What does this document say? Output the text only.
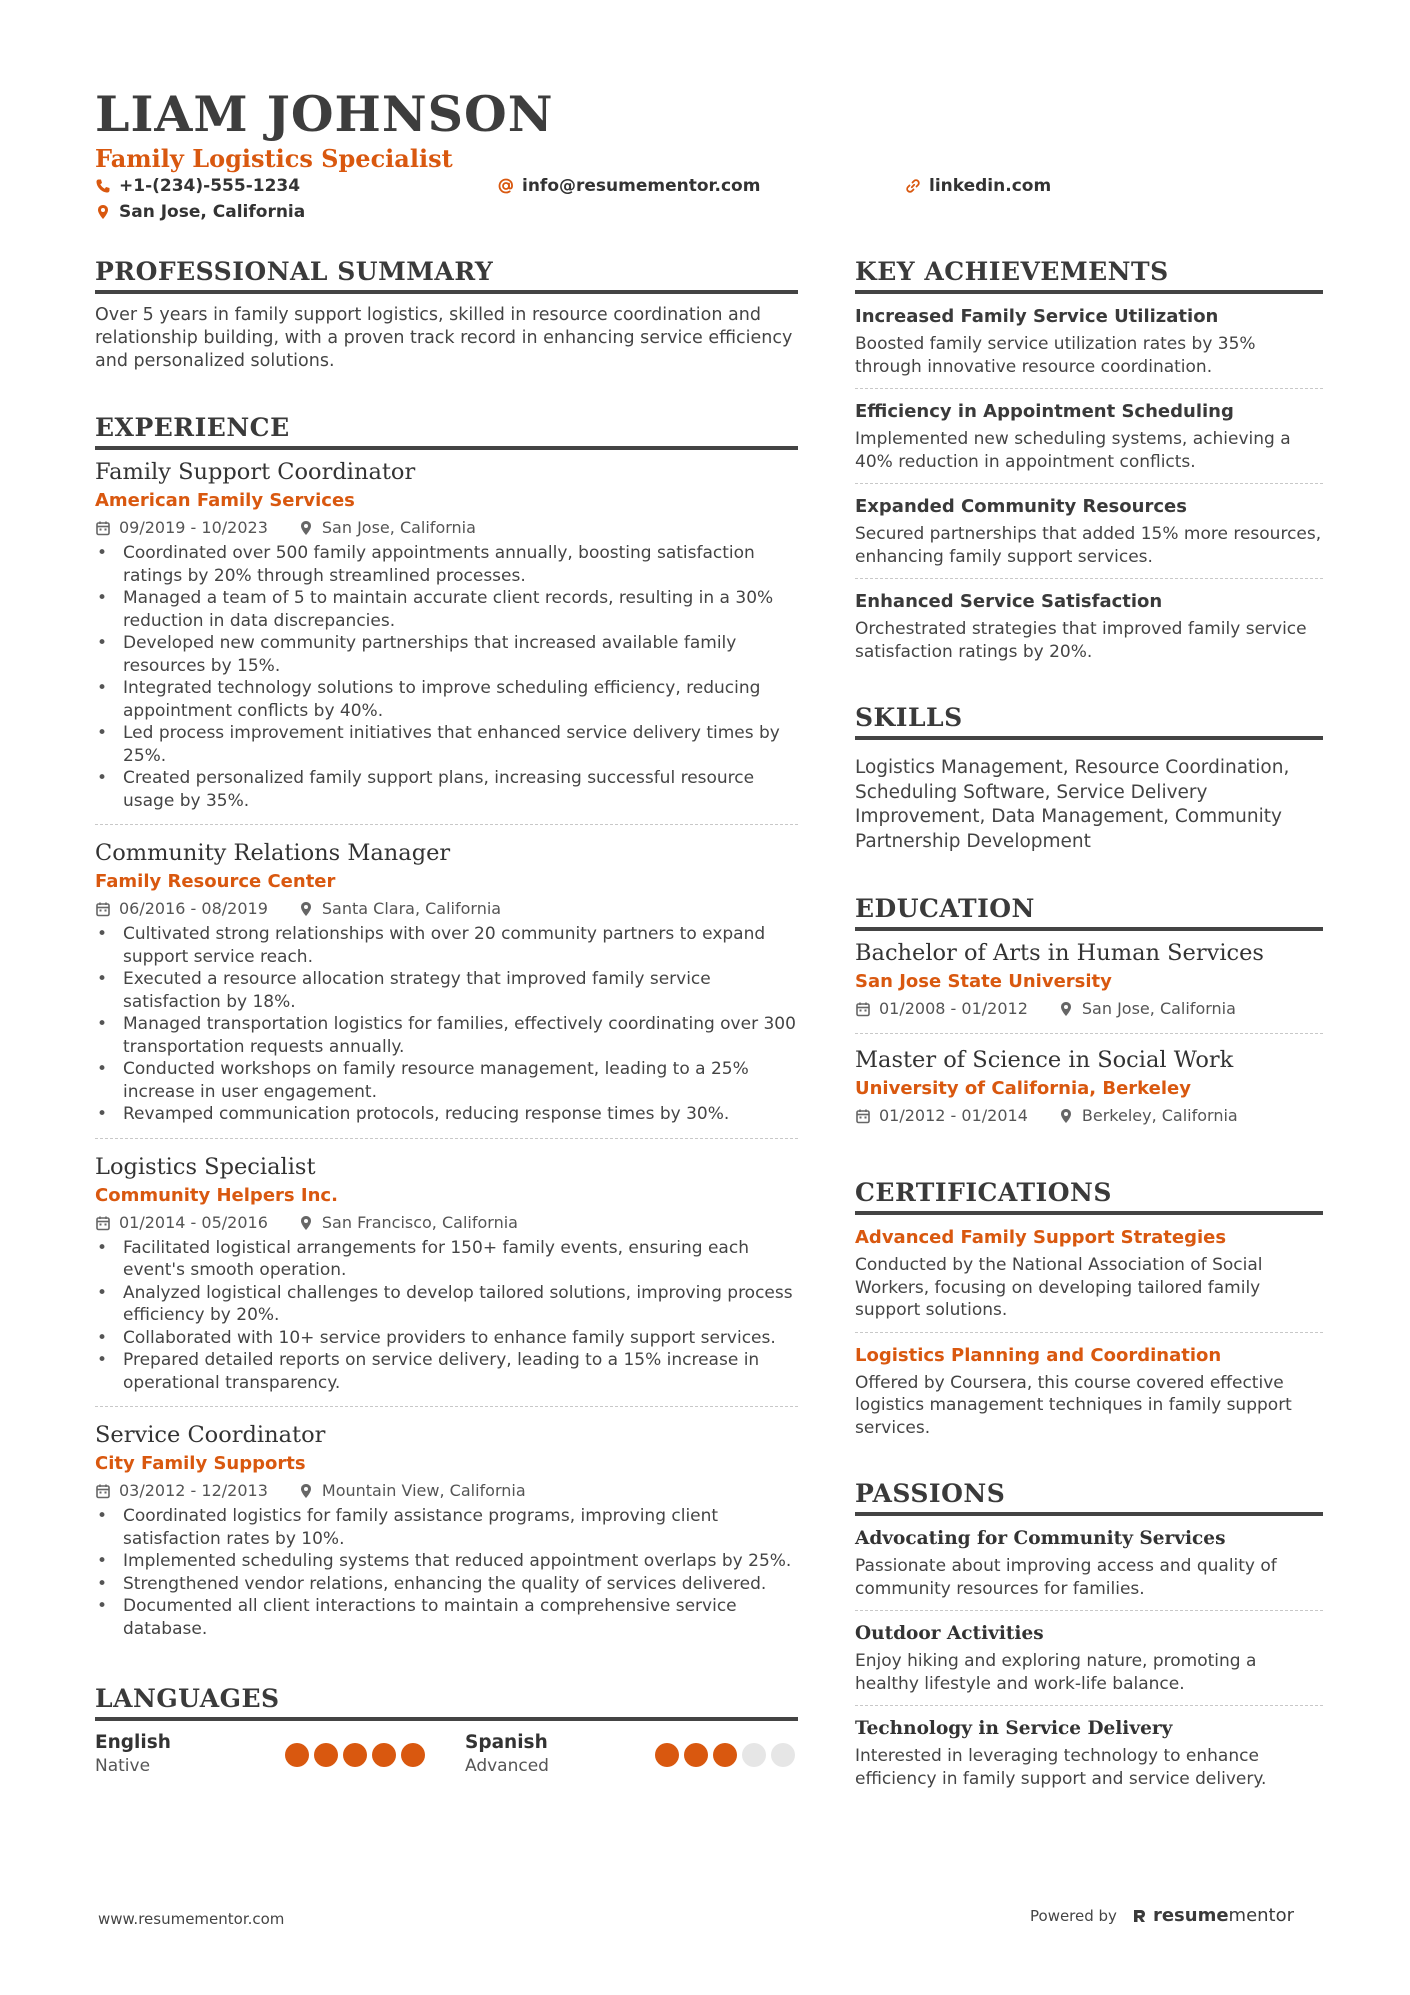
LIAM JOHNSON
Family Logistics Specialist
+1-(234)-555-1234	info@resumementor.com	linkedin.com
San Jose, California
PROFESSIONAL SUMMARY
Over 5 years in family support logistics, skilled in resource coordination and relationship building, with a proven track record in enhancing service efficiency and personalized solutions.
EXPERIENCE
Family Support Coordinator
American Family Services
09/2019 - 10/2023	San Jose, California
• Coordinated over 500 family appointments annually, boosting satisfaction ratings by 20% through streamlined processes.
• Managed a team of 5 to maintain accurate client records, resulting in a 30% reduction in data discrepancies.
• Developed new community partnerships that increased available family resources by 15%.
• Integrated technology solutions to improve scheduling efficiency, reducing appointment conflicts by 40%.
• Led process improvement initiatives that enhanced service delivery times by 25%.
• Created personalized family support plans, increasing successful resource usage by 35%.
Community Relations Manager
Family Resource Center
06/2016 - 08/2019	Santa Clara, California
• Cultivated strong relationships with over 20 community partners to expand support service reach.
• Executed a resource allocation strategy that improved family service satisfaction by 18%.
• Managed transportation logistics for families, effectively coordinating over 300 transportation requests annually.
• Conducted workshops on family resource management, leading to a 25% increase in user engagement.
• Revamped communication protocols, reducing response times by 30%.
Logistics Specialist
Community Helpers Inc.
01/2014 - 05/2016	San Francisco, California
• Facilitated logistical arrangements for 150+ family events, ensuring each event's smooth operation.
• Analyzed logistical challenges to develop tailored solutions, improving process efficiency by 20%.
• Collaborated with 10+ service providers to enhance family support services.
• Prepared detailed reports on service delivery, leading to a 15% increase in operational transparency.
Service Coordinator
City Family Supports
03/2012 - 12/2013	Mountain View, California
• Coordinated logistics for family assistance programs, improving client satisfaction rates by 10%.
• Implemented scheduling systems that reduced appointment overlaps by 25%.
• Strengthened vendor relations, enhancing the quality of services delivered.
• Documented all client interactions to maintain a comprehensive service database.
LANGUAGES
English
Native
Spanish
Advanced
KEY ACHIEVEMENTS
Increased Family Service Utilization
Boosted family service utilization rates by 35% through innovative resource coordination.
Efficiency in Appointment Scheduling
Implemented new scheduling systems, achieving a 40% reduction in appointment conflicts.
Expanded Community Resources
Secured partnerships that added 15% more resources, enhancing family support services.
Enhanced Service Satisfaction
Orchestrated strategies that improved family service satisfaction ratings by 20%.
SKILLS
Logistics Management, Resource Coordination, Scheduling Software, Service Delivery Improvement, Data Management, Community Partnership Development
EDUCATION
Bachelor of Arts in Human Services
San Jose State University
01/2008 - 01/2012	San Jose, California
Master of Science in Social Work
University of California, Berkeley
01/2012 - 01/2014	Berkeley, California
CERTIFICATIONS
Advanced Family Support Strategies
Conducted by the National Association of Social Workers, focusing on developing tailored family support solutions.
Logistics Planning and Coordination
Offered by Coursera, this course covered effective logistics management techniques in family support services.
PASSIONS
Advocating for Community Services
Passionate about improving access and quality of community resources for families.
Outdoor Activities
Enjoy hiking and exploring nature, promoting a healthy lifestyle and work-life balance.
Technology in Service Delivery
Interested in leveraging technology to enhance efficiency in family support and service delivery.
www.resumementor.com	Powered by resumementor
